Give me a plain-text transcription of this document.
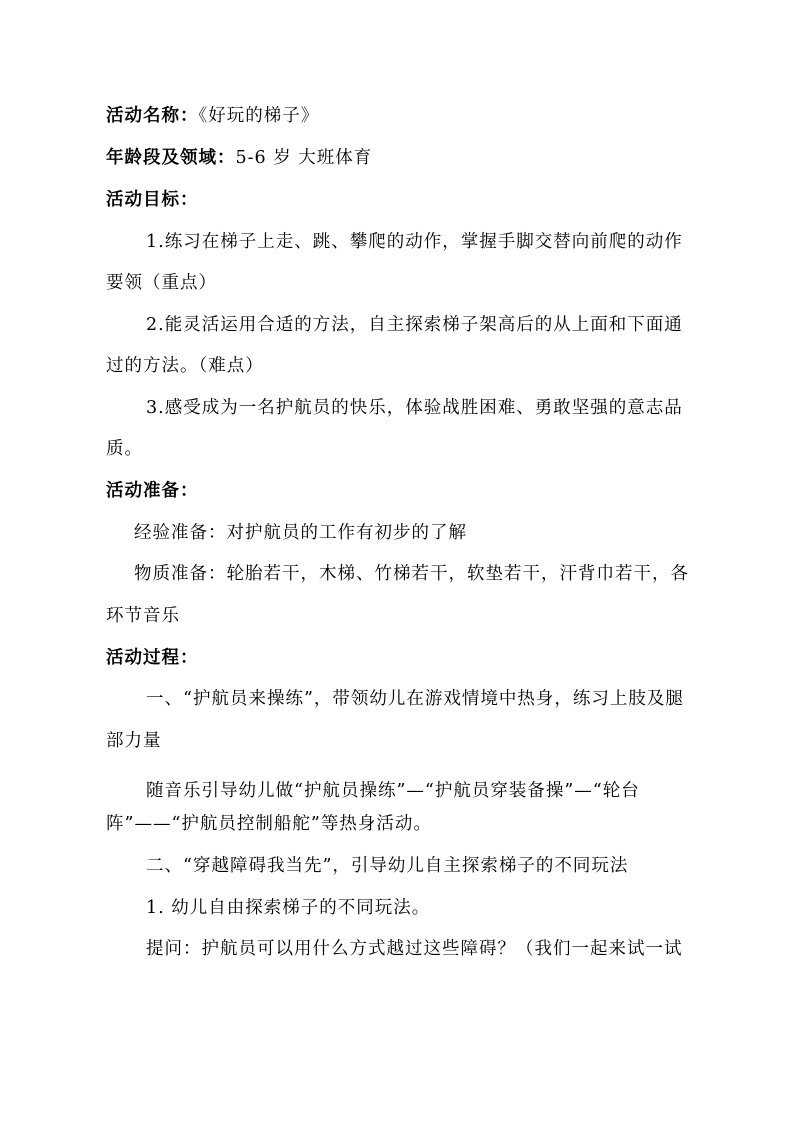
活动名称：《好玩的梯子》
年龄段及领域：5-6 岁 大班体育
活动目标：
1.练习在梯子上走、跳、攀爬的动作，掌握手脚交替向前爬的动作
要领（重点）
2.能灵活运用合适的方法，自主探索梯子架高后的从上面和下面通
过的方法。（难点）
3.感受成为一名护航员的快乐，体验战胜困难、勇敢坚强的意志品
质。
活动准备：
经验准备：对护航员的工作有初步的了解
物质准备：轮胎若干，木梯、竹梯若干，软垫若干，汗背巾若干，各
环节音乐
活动过程：
一、“护航员来操练”，带领幼儿在游戏情境中热身，练习上肢及腿
部力量
随音乐引导幼儿做“护航员操练”—“护航员穿装备操”—“轮台
阵”——“护航员控制船舵”等热身活动。
二、“穿越障碍我当先”，引导幼儿自主探索梯子的不同玩法
1. 幼儿自由探索梯子的不同玩法。
提问：护航员可以用什么方式越过这些障碍？（我们一起来试一试
